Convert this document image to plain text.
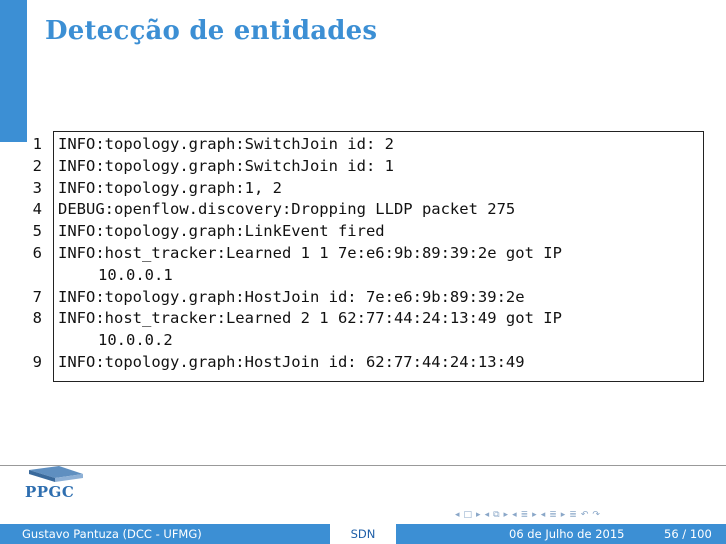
Detecção de entidades
1
2
3
4
5
6
7
8
9
INFO:topology.graph:SwitchJoin id: 2
INFO:topology.graph:SwitchJoin id: 1
INFO:topology.graph:1, 2
DEBUG:openflow.discovery:Dropping LLDP packet 275
INFO:topology.graph:LinkEvent fired
INFO:host_tracker:Learned 1 1 7e:e6:9b:89:39:2e got IP
10.0.0.1
INFO:topology.graph:HostJoin id: 7e:e6:9b:89:39:2e
INFO:host_tracker:Learned 2 1 62:77:44:24:13:49 got IP
10.0.0.2
INFO:topology.graph:HostJoin id: 62:77:44:24:13:49
PPGC
◂ □ ▸ ◂ ⧉ ▸ ◂ ≣ ▸ ◂ ≣ ▸ ≣ ↶ ↷
Gustavo Pantuza (DCC - UFMG)	SDN	06 de Julho de 2015	56 / 100
